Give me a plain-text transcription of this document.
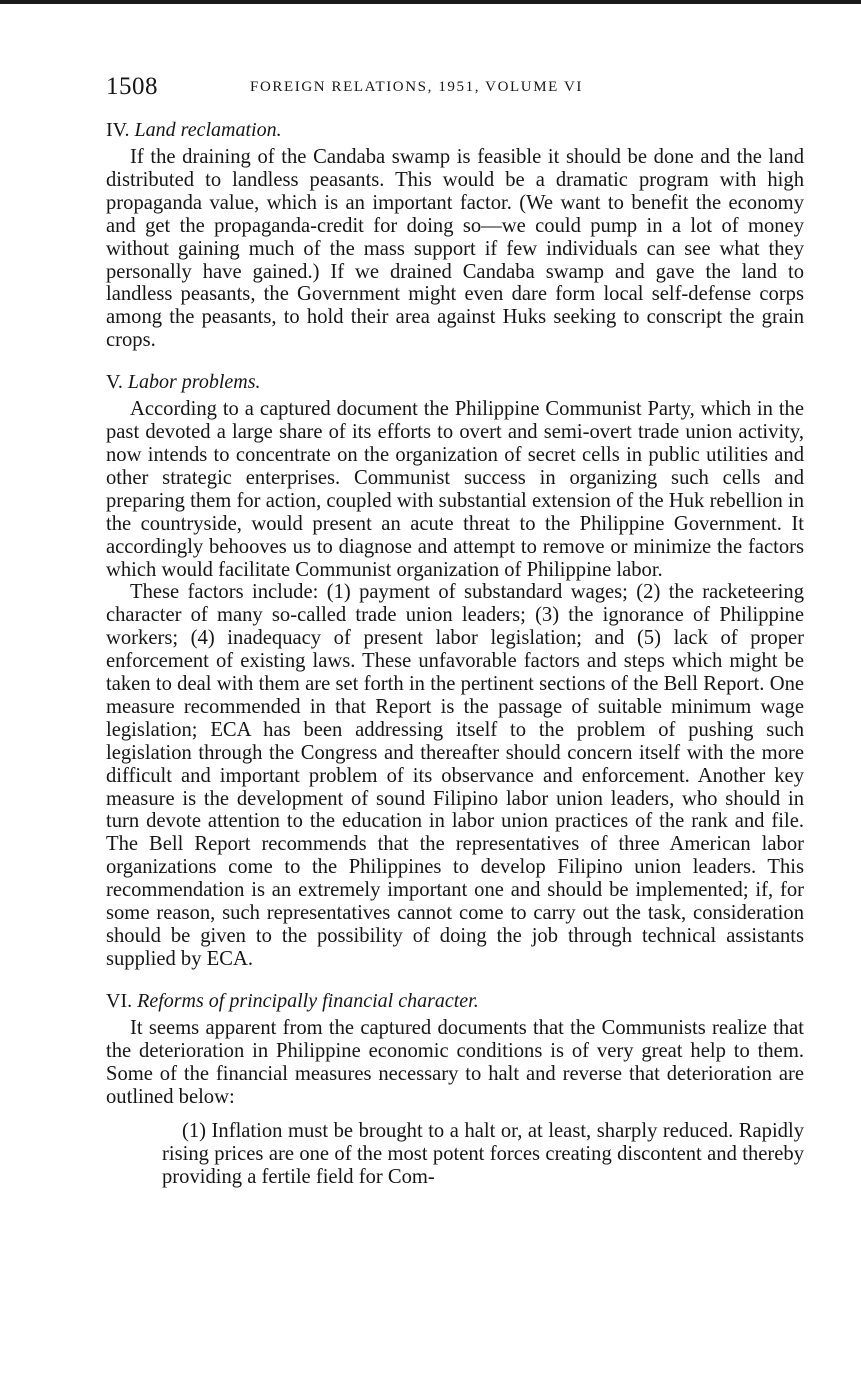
1508	FOREIGN RELATIONS, 1951, VOLUME VI
IV. Land reclamation.

If the draining of the Candaba swamp is feasible it should be done and the land distributed to landless peasants. This would be a dramatic program with high propaganda value, which is an important factor. (We want to benefit the economy and get the propaganda-credit for doing so—we could pump in a lot of money without gaining much of the mass support if few individuals can see what they personally have gained.) If we drained Candaba swamp and gave the land to landless peasants, the Government might even dare form local self-defense corps among the peasants, to hold their area against Huks seeking to conscript the grain crops.

V. Labor problems.

According to a captured document the Philippine Communist Party, which in the past devoted a large share of its efforts to overt and semi-overt trade union activity, now intends to concentrate on the organization of secret cells in public utilities and other strategic enterprises. Communist success in organizing such cells and preparing them for action, coupled with substantial extension of the Huk rebellion in the countryside, would present an acute threat to the Philippine Government. It accordingly behooves us to diagnose and attempt to remove or minimize the factors which would facilitate Communist organization of Philippine labor.

These factors include: (1) payment of substandard wages; (2) the racketeering character of many so-called trade union leaders; (3) the ignorance of Philippine workers; (4) inadequacy of present labor legislation; and (5) lack of proper enforcement of existing laws. These unfavorable factors and steps which might be taken to deal with them are set forth in the pertinent sections of the Bell Report. One measure recommended in that Report is the passage of suitable minimum wage legislation; ECA has been addressing itself to the problem of pushing such legislation through the Congress and thereafter should concern itself with the more difficult and important problem of its observance and enforcement. Another key measure is the development of sound Filipino labor union leaders, who should in turn devote attention to the education in labor union practices of the rank and file. The Bell Report recommends that the representatives of three American labor organizations come to the Philippines to develop Filipino union leaders. This recommendation is an extremely important one and should be implemented; if, for some reason, such representatives cannot come to carry out the task, consideration should be given to the possibility of doing the job through technical assistants supplied by ECA.

VI. Reforms of principally financial character.

It seems apparent from the captured documents that the Communists realize that the deterioration in Philippine economic conditions is of very great help to them. Some of the financial measures necessary to halt and reverse that deterioration are outlined below:

(1) Inflation must be brought to a halt or, at least, sharply reduced. Rapidly rising prices are one of the most potent forces creating discontent and thereby providing a fertile field for Com-
